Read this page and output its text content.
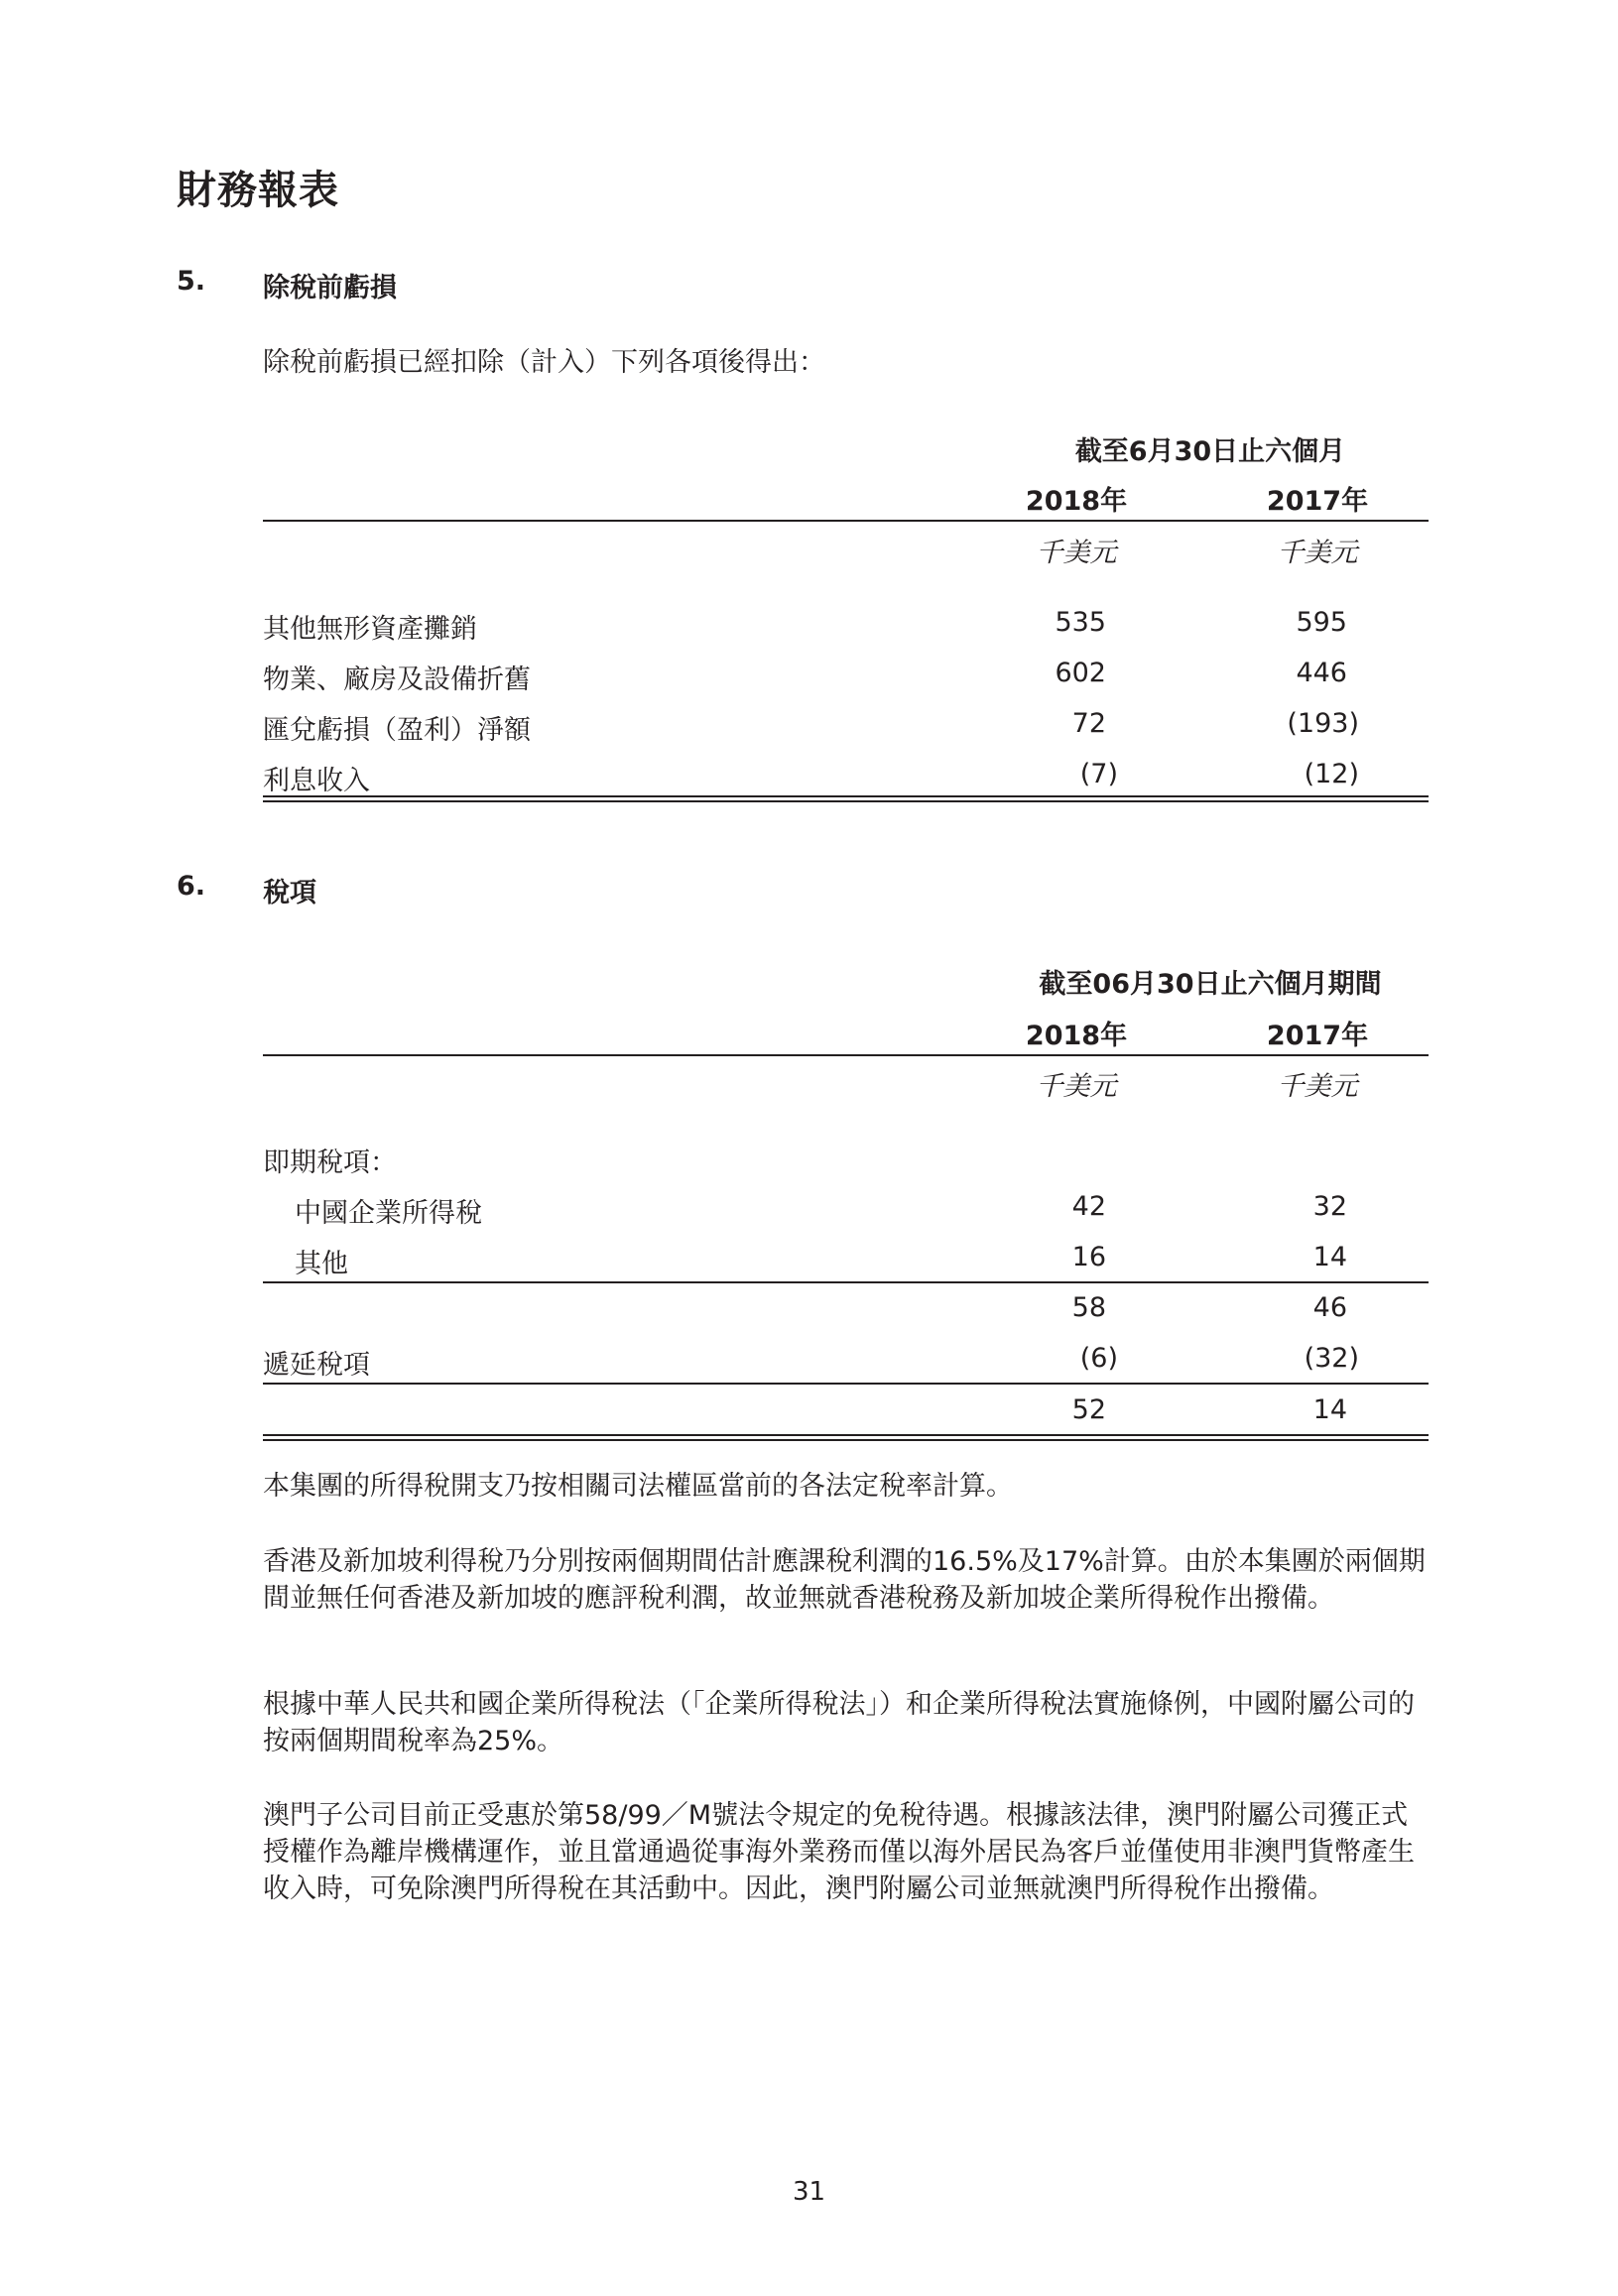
財務報表
5. 除稅前虧損
除稅前虧損已經扣除（計入）下列各項後得出：
截至6月30日止六個月
2018年	2017年
千美元	千美元
其他無形資產攤銷	535	595
物業、廠房及設備折舊	602	446
匯兌虧損（盈利）淨額	72	(193)
利息收入	(7)	(12)
6. 稅項
截至06月30日止六個月期間
2018年	2017年
千美元	千美元
即期稅項：
中國企業所得稅	42	32
其他	16	14
58	46
遞延稅項	(6)	(32)
52	14

本集團的所得稅開支乃按相關司法權區當前的各法定稅率計算。

香港及新加坡利得稅乃分別按兩個期間估計應課稅利潤的16.5%及17%計算。由於本集團於兩個期間並無任何香港及新加坡的應評稅利潤，故並無就香港稅務及新加坡企業所得稅作出撥備。

根據中華人民共和國企業所得稅法（「企業所得稅法」）和企業所得稅法實施條例，中國附屬公司的按兩個期間稅率為25%。

澳門子公司目前正受惠於第58/99／M號法令規定的免稅待遇。根據該法律，澳門附屬公司獲正式授權作為離岸機構運作，並且當通過從事海外業務而僅以海外居民為客戶並僅使用非澳門貨幣產生收入時，可免除澳門所得稅在其活動中。因此，澳門附屬公司並無就澳門所得稅作出撥備。

31
